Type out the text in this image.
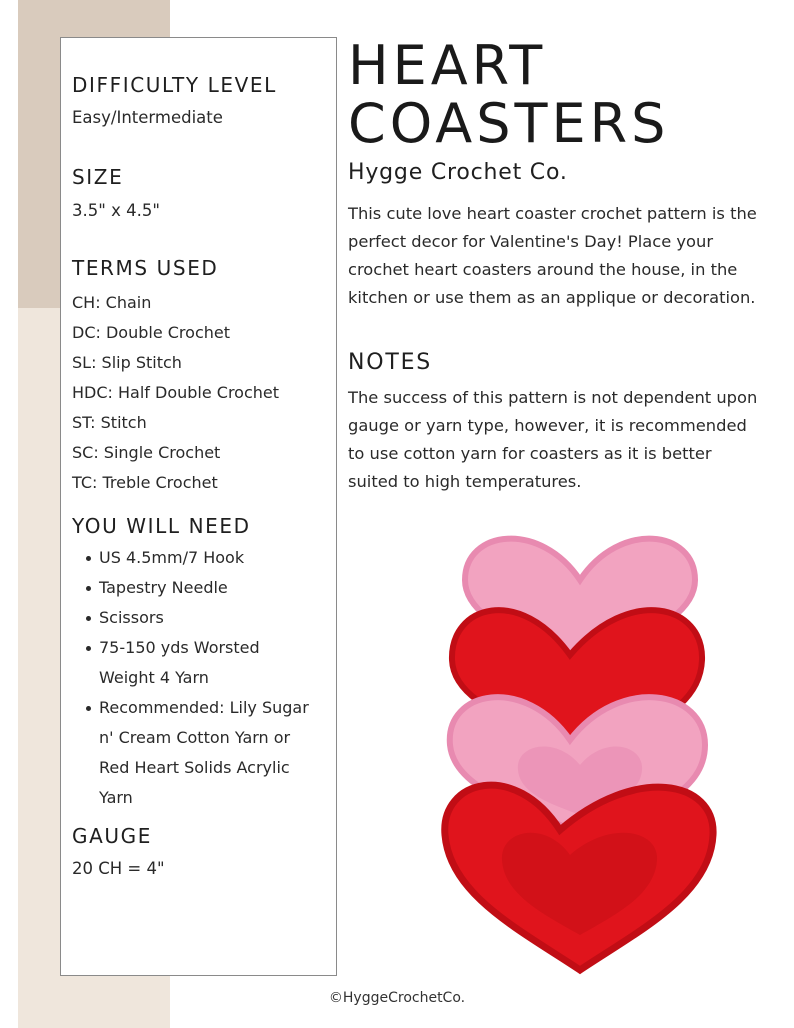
DIFFICULTY LEVEL
Easy/Intermediate
SIZE
3.5" x 4.5"
TERMS USED
CH: Chain
DC: Double Crochet
SL: Slip Stitch
HDC: Half Double Crochet
ST: Stitch
SC: Single Crochet
TC: Treble Crochet
YOU WILL NEED
US 4.5mm/7 Hook
Tapestry Needle
Scissors
75-150 yds Worsted Weight 4 Yarn
Recommended: Lily Sugar n' Cream Cotton Yarn or Red Heart Solids Acrylic Yarn
GAUGE
20 CH = 4"
HEART
COASTERS
Hygge Crochet Co.
This cute love heart coaster crochet pattern is the perfect decor for Valentine's Day! Place your crochet heart coasters around the house, in the kitchen or use them as an applique or decoration.
NOTES
The success of this pattern is not dependent upon gauge or yarn type, however, it is recommended to use cotton yarn for coasters as it is better suited to high temperatures.
©HyggeCrochetCo.
